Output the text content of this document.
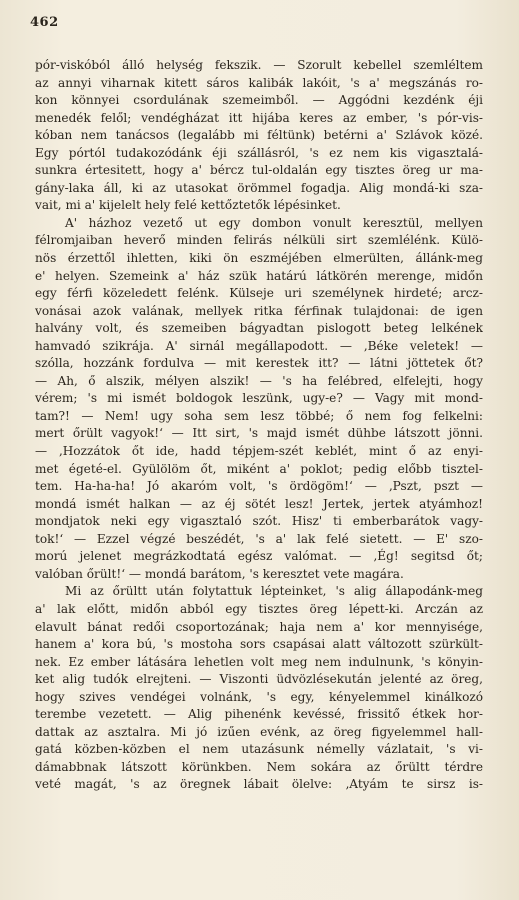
462
pór-viskóból álló helység fekszik. — Szorult kebellel szemléltem
az annyi viharnak kitett sáros kalibák lakóit, 's a' megszánás ro-
kon könnyei csordulának szemeimből. — Aggódni kezdénk éji
menedék felől; vendégházat itt hijába keres az ember, 's pór-vis-
kóban nem tanácsos (legalább mi féltünk) betérni a' Szlávok közé.
Egy pórtól tudakozódánk éji szállásról, 's ez nem kis vigasztalá-
sunkra értesitett, hogy a' bércz tul-oldalán egy tisztes öreg ur ma-
gány-laka áll, ki az utasokat örömmel fogadja. Alig mondá-ki sza-
vait, mi a' kijelelt hely felé kettőztetők lépésinket.
A' házhoz vezető ut egy dombon vonult keresztül, mellyen
félromjaiban heverő minden felirás nélküli sirt szemlélénk. Külö-
nös érzettől ihletten, kiki ön eszméjében elmerülten, állánk-meg
e' helyen. Szemeink a' ház szük határú látkörén merenge, midőn
egy férfi közeledett felénk. Külseje uri személynek hirdeté; arcz-
vonásai azok valának, mellyek ritka férfinak tulajdonai: de igen
halvány volt, és szemeiben bágyadtan pislogott beteg lelkének
hamvadó szikrája. A' sirnál megállapodott. — ‚Béke veletek! —
szólla, hozzánk fordulva — mit kerestek itt? — látni jöttetek őt?
— Ah, ő alszik, mélyen alszik! — 's ha felébred, elfelejti, hogy
vérem; 's mi ismét boldogok leszünk, ugy-e? — Vagy mit mond-
tam?! — Nem! ugy soha sem lesz többé; ő nem fog felkelni:
mert őrült vagyok!‘ — Itt sirt, 's majd ismét dühbe látszott jönni.
— ‚Hozzátok őt ide, hadd tépjem-szét keblét, mint ő az enyi-
met égeté-el. Gyülölöm őt, miként a' poklot; pedig előbb tisztel-
tem. Ha-ha-ha! Jó akaróm volt, 's ördögöm!‘ — ‚Pszt, pszt —
mondá ismét halkan — az éj sötét lesz! Jertek, jertek atyámhoz!
mondjatok neki egy vigasztaló szót. Hisz' ti emberbarátok vagy-
tok!‘ — Ezzel végzé beszédét, 's a' lak felé sietett. — E' szo-
morú jelenet megrázkodtatá egész valómat. — ‚Ég! segitsd őt;
valóban őrült!‘ — mondá barátom, 's keresztet vete magára.
Mi az őrültt után folytattuk lépteinket, 's alig állapodánk-meg
a' lak előtt, midőn abból egy tisztes öreg lépett-ki. Arczán az
elavult bánat redői csoportozának; haja nem a' kor mennyisége,
hanem a' kora bú, 's mostoha sors csapásai alatt változott szürkült-
nek. Ez ember látására lehetlen volt meg nem indulnunk, 's könyin-
ket alig tudók elrejteni. — Viszonti üdvözlésekután jelenté az öreg,
hogy szives vendégei volnánk, 's egy, kényelemmel kinálkozó
terembe vezetett. — Alig pihenénk kevéssé, frissitő étkek hor-
dattak az asztalra. Mi jó izűen evénk, az öreg figyelemmel hall-
gatá közben-közben el nem utazásunk némelly vázlatait, 's vi-
dámabbnak látszott körünkben. Nem sokára az őrültt térdre
veté magát, 's az öregnek lábait ölelve: ‚Atyám te sirsz is-
